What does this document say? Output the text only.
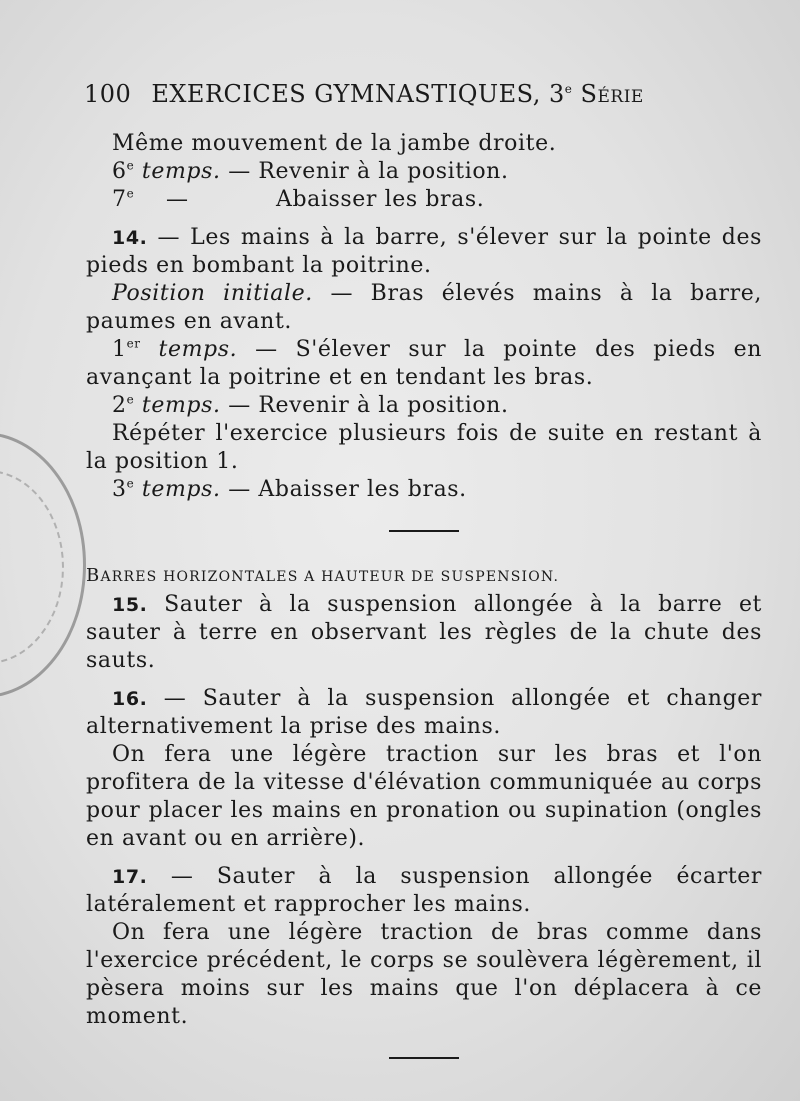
100 EXERCICES GYMNASTIQUES, 3e SÉRIE

Même mouvement de la jambe droite.

6e temps. — Revenir à la position.

7e	—	Abaisser les bras.

14. — Les mains à la barre, s'élever sur la pointe des pieds en bombant la poitrine.

Position initiale. — Bras élevés mains à la barre, paumes en avant.

1er temps. — S'élever sur la pointe des pieds en avançant la poitrine et en tendant les bras.

2e temps. — Revenir à la position.

Répéter l'exercice plusieurs fois de suite en restant à la position 1.

3e temps. — Abaisser les bras.

BARRES HORIZONTALES A HAUTEUR DE SUSPENSION.

15. Sauter à la suspension allongée à la barre et sauter à terre en observant les règles de la chute des sauts.

16. — Sauter à la suspension allongée et changer alternativement la prise des mains.

On fera une légère traction sur les bras et l'on profitera de la vitesse d'élévation communiquée au corps pour placer les mains en pronation ou supination (ongles en avant ou en arrière).

17. — Sauter à la suspension allongée écarter latéralement et rapprocher les mains.

On fera une légère traction de bras comme dans l'exercice précédent, le corps se soulèvera légèrement, il pèsera moins sur les mains que l'on déplacera à ce moment.
